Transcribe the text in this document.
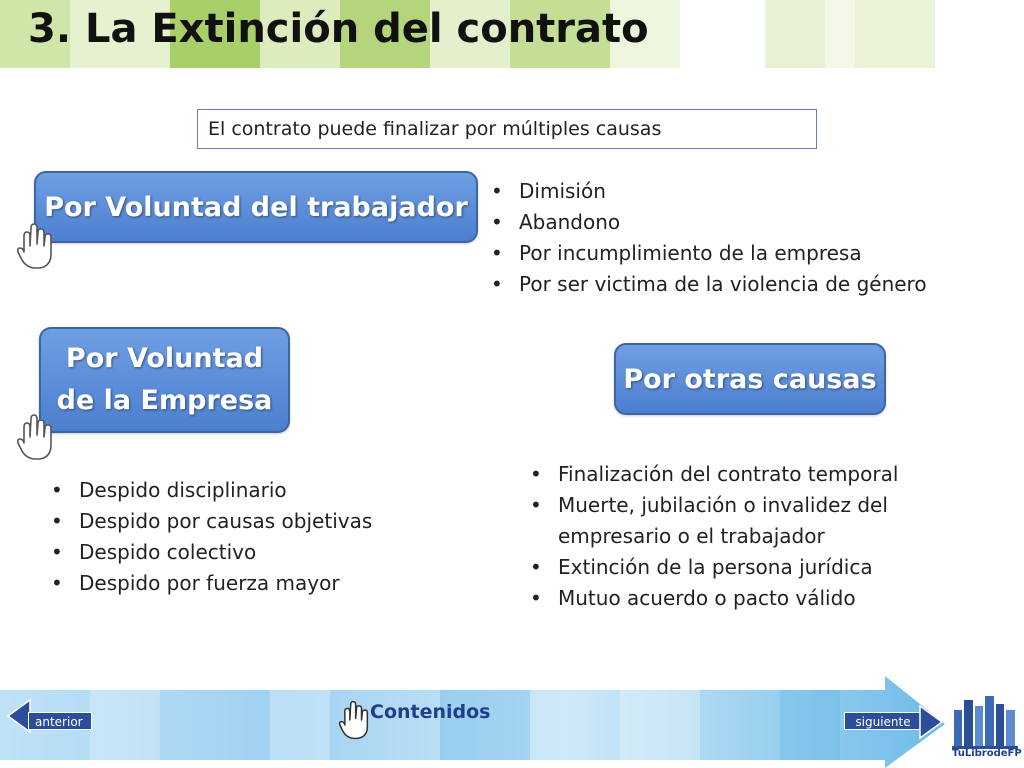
3. La Extinción del contrato
El contrato puede finalizar por múltiples causas
Por Voluntad del trabajador
• Dimisión
• Abandono
• Por incumplimiento de la empresa
• Por ser victima de la violencia de género
Por Voluntad
de la Empresa
• Despido disciplinario
• Despido por causas objetivas
• Despido colectivo
• Despido por fuerza mayor
Por otras causas
• Finalización del contrato temporal
• Muerte, jubilación o invalidez del empresario o el trabajador
• Extinción de la persona jurídica
• Mutuo acuerdo o pacto válido
anterior	Contenidos	siguiente
TuLibrodeFP
